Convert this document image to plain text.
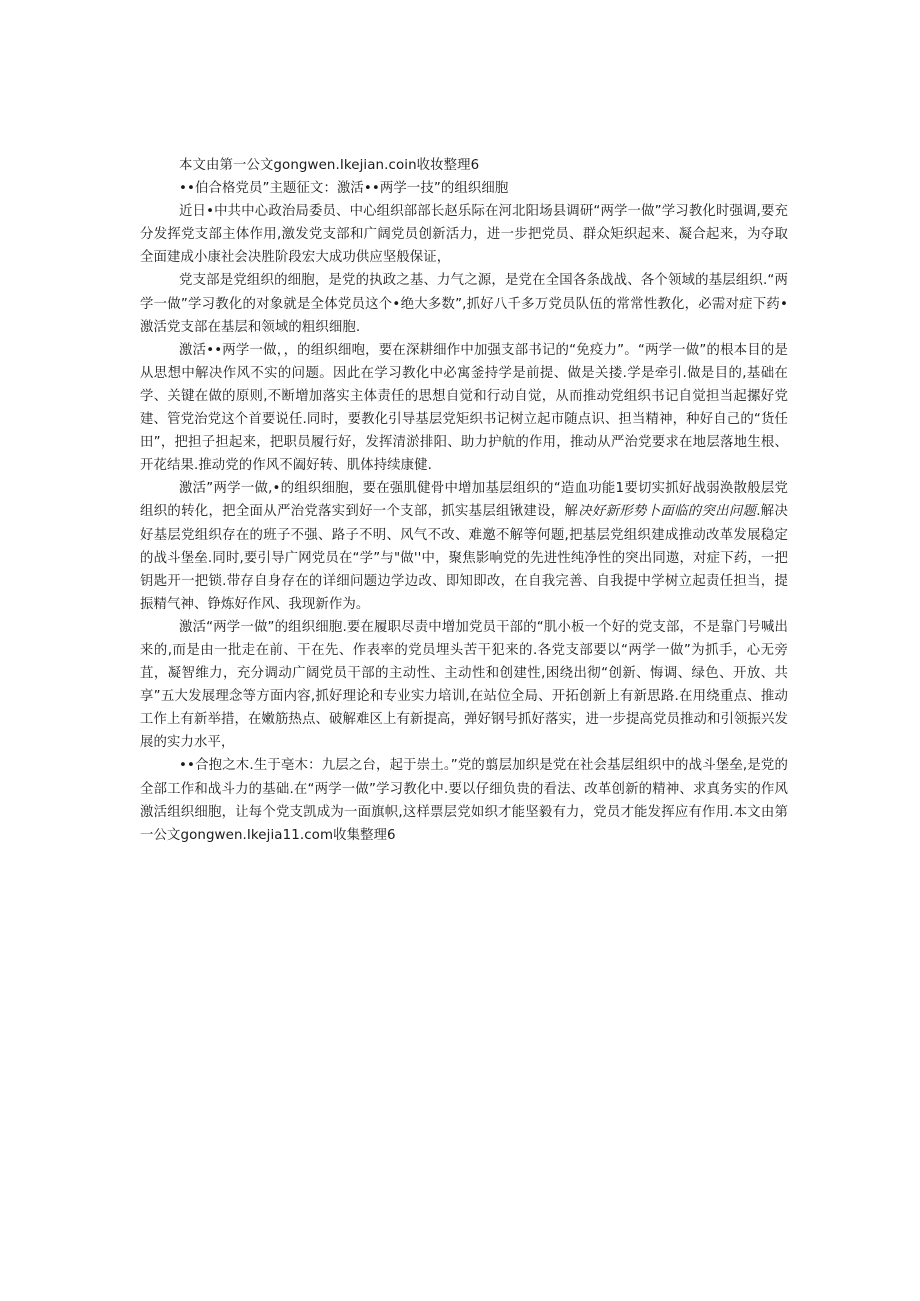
本文由第一公文gongwen.Ikejian.coin收妆整理6
••伯合格党员”主题征文：激活••两学一技”的组织细胞

近日•中共中心政治局委员、中心组织部部长赵乐际在河北阳场县调研“两学一做”学习教化时强调,要充分发挥党支部主体作用,激发党支部和广阔党员创新活力，进一步把党员、群众矩织起来、凝合起来，为夺取全面建成小康社会决胜阶段宏大成功供应坚般保证，

党支部是党组织的细胞，是党的执政之基、力气之源，是党在全国各条战战、各个领域的基层组织.“两学一做”学习教化的对象就是全体党员这个•绝大多数”,抓好八千多万党员队伍的常常性教化，必需对症下药•激活党支部在基层和领域的粗织细胞.

激活••两学一做，，的组织细咆，要在深耕细作中加强支部书记的“免疫力”。“两学一做”的根本目的是从思想中解决作风不实的问题。因此在学习教化中必寓釜持学是前提、做是关搂.学是牵引.做是目的,基础在学、关键在做的原则,不断增加落实主体责任的思想自觉和行动自觉，从而推动党组织书记自觉担当起摞好党建、管党治党这个首要说任.同时，要教化引导基层党矩织书记树立起市随点识、担当精神，种好自己的“货任田”，把担子担起来，把职员履行好，发挥清淤排阳、助力护航的作用，推动从严治党要求在地层落地生根、开花结果.推动党的作风不阖好转、肌体持续康健.

激活”两学一做,•的组织细胞，要在强肌健骨中增加基层组织的“造血功能1要切实抓好战弱涣散般层党组织的转化，把全面从严治党落实到好一个支部，抓实基层组锹建设，解决好新形势卜面临的突出问题.解决好基层党组织存在的班子不强、路子不明、风气不改、难邀不解等何题,把基层党组织建成推动改革发展稳定的战斗堡垒.同时,要引导广网党员在“学”与"做''中，聚焦影响党的先进性纯净性的突出同遨，对症下药，一把钥匙开一把锁.带存自身存在的详细问题边学边改、即知即改，在自我完善、自我提中学树立起责任担当，提振精气神、铮炼好作风、我现新作为。

激活“两学一做”的组织细胞.要在履职尽责中增加党员干部的“肌小板一个好的党支部，不是靠门号喊出来的,而是由一批走在前、干在先、作表率的党员埋头苦干犯来的.各党支部要以“两学一做”为抓手，心无旁苴，凝智维力，充分调动广阔党员干部的主动性、主动性和创建性,困绕出彻“创新、悔调、绿色、开放、共享”五大发展理念等方面内容,抓好理论和专业实力培训,在站位全局、开拓创新上有新思路.在用绕重点、推动工作上有新举措，在嫩筋热点、破解难区上有新提高，弹好钢号抓好落实，进一步提高党员推动和引领振兴发展的实力水平，

••合抱之木.生于亳木：九层之台，起于崇土。”党的翦层加织是党在社会基层组织中的战斗堡垒,是党的全部工作和战斗力的基础.在“两学一做”学习教化中.要以仔细负贵的看法、改革创新的精神、求真务实的作风激活组织细胞，让每个党支凯成为一面旗帜,这样票层党如织才能坚毅有力，党员才能发挥应有作用.本文由第一公文gongwen.Ikejia11.com收集整理6
